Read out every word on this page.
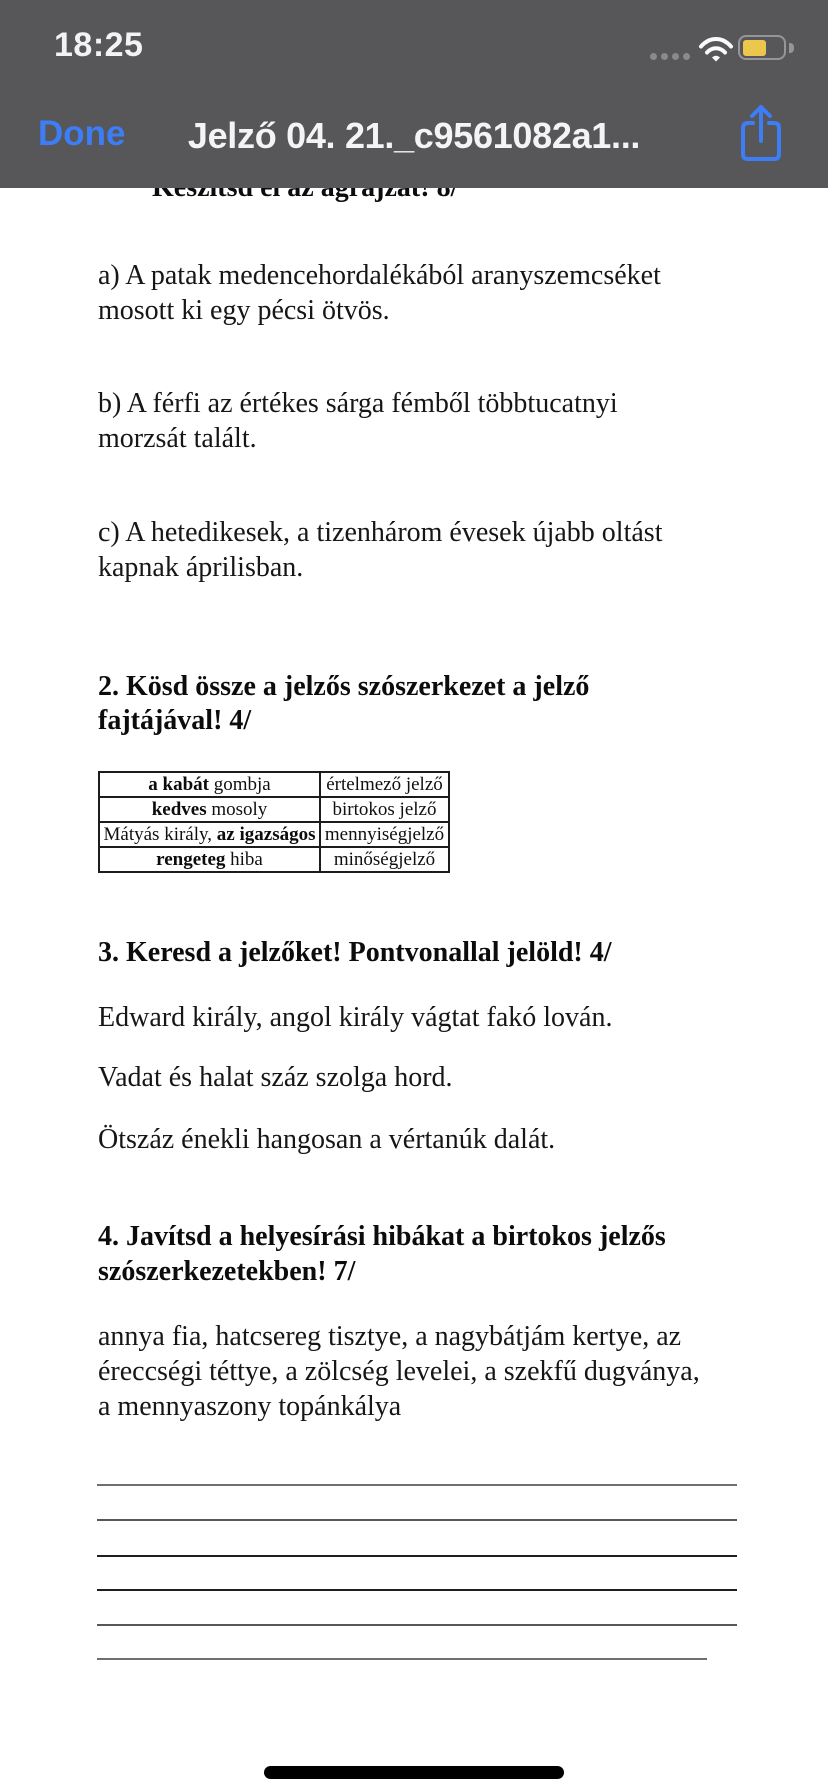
a) A patak medencehordalékából aranyszemcséket
mosott ki egy pécsi ötvös.
b) A férfi az értékes sárga fémből többtucatnyi
morzsát talált.
c) A hetedikesek, a tizenhárom évesek újabb oltást
kapnak áprilisban.
2. Kösd össze a jelzős szószerkezet a jelző
fajtájával! 4/
a kabát gombja	értelmező jelző
kedves mosoly	birtokos jelző
Mátyás király, az igazságos	mennyiségjelző
rengeteg hiba	minőségjelző
3. Keresd a jelzőket! Pontvonallal jelöld! 4/
Edward király, angol király vágtat fakó lován.
Vadat és halat száz szolga hord.
Ötszáz énekli hangosan a vértanúk dalát.
4. Javítsd a helyesírási hibákat a birtokos jelzős
szószerkezetekben! 7/
annya fia, hatcsereg tisztye, a nagybátjám kertye, az
éreccségi téttye, a zölcség levelei, a szekfű dugványa,
a mennyaszony topánkálya
18:25
Done	Jelző 04. 21._c9561082a1...
